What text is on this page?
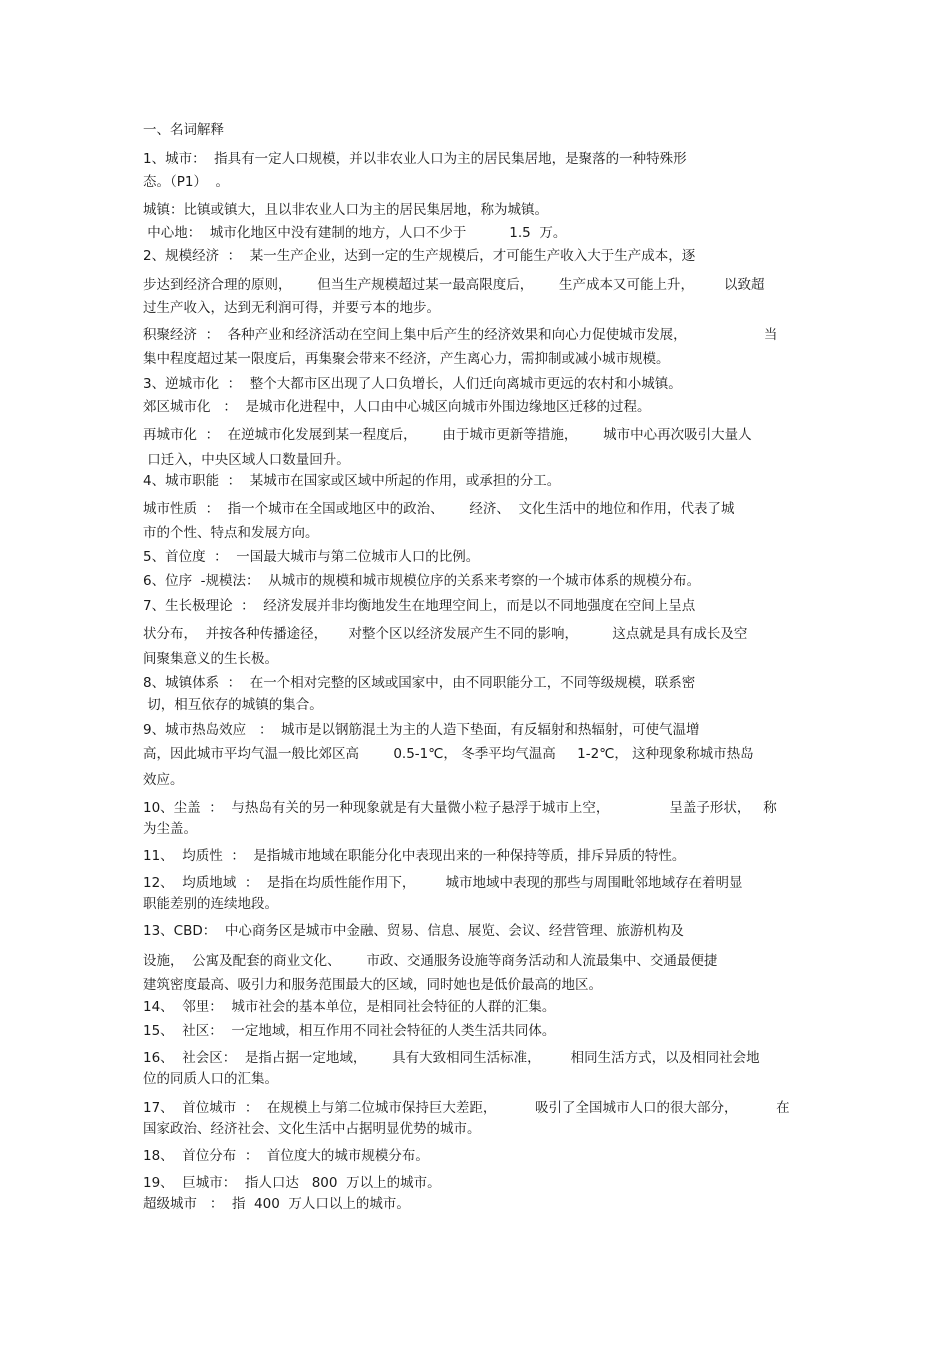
一、名词解释
1、城市：  指具有一定人口规模，并以非农业人口为主的居民集居地，是聚落的一种特殊形
态。（P1）  。
城镇：比镇或镇大，且以非农业人口为主的居民集居地，称为城镇。
中心地：  城市化地区中没有建制的地方，人口不少于          1.5  万。
2、规模经济  ：  某一生产企业，达到一定的生产规模后，才可能生产收入大于生产成本，逐
步达到经济合理的原则，      但当生产规模超过某一最高限度后，      生产成本又可能上升，       以致超
过生产收入，达到无利润可得，并要亏本的地步。
积聚经济  ：  各种产业和经济活动在空间上集中后产生的经济效果和向心力促使城市发展，                  当
集中程度超过某一限度后，再集聚会带来不经济，产生离心力，需抑制或减小城市规模。
3、逆城市化  ：  整个大都市区出现了人口负增长，人们迁向离城市更远的农村和小城镇。
郊区城市化   ：  是城市化进程中，人口由中心城区向城市外围边缘地区迁移的过程。
再城市化  ：  在逆城市化发展到某一程度后，      由于城市更新等措施，      城市中心再次吸引大量人
口迁入，中央区域人口数量回升。
4、城市职能  ：  某城市在国家或区域中所起的作用，或承担的分工。
城市性质  ：  指一个城市在全国或地区中的政治、      经济、  文化生活中的地位和作用，代表了城
市的个性、特点和发展方向。
5、首位度  ：  一国最大城市与第二位城市人口的比例。
6、位序  -规模法：  从城市的规模和城市规模位序的关系来考察的一个城市体系的规模分布。
7、生长极理论  ：  经济发展并非均衡地发生在地理空间上，而是以不同地强度在空间上呈点
状分布，  并按各种传播途径，     对整个区以经济发展产生不同的影响，        这点就是具有成长及空
间聚集意义的生长极。
8、城镇体系  ：  在一个相对完整的区域或国家中，由不同职能分工，不同等级规模，联系密
切，相互依存的城镇的集合。
9、城市热岛效应   ：  城市是以钢筋混土为主的人造下垫面，有反辐射和热辐射，可使气温增
高，因此城市平均气温一般比郊区高        0.5-1℃， 冬季平均气温高     1-2℃， 这种现象称城市热岛
效应。
10、尘盖  ：  与热岛有关的另一种现象就是有大量微小粒子悬浮于城市上空，              呈盖子形状，   称
为尘盖。
11、  均质性  ：  是指城市地域在职能分化中表现出来的一种保持等质，排斥异质的特性。
12、  均质地域  ：  是指在均质性能作用下，       城市地域中表现的那些与周围毗邻地域存在着明显
职能差别的连续地段。
13、CBD：  中心商务区是城市中金融、贸易、信息、展览、会议、经营管理、旅游机构及
设施，  公寓及配套的商业文化、      市政、交通服务设施等商务活动和人流最集中、交通最便捷
建筑密度最高、吸引力和服务范围最大的区域，同时她也是低价最高的地区。
14、  邻里：  城市社会的基本单位，是相同社会特征的人群的汇集。
15、  社区：  一定地域，相互作用不同社会特征的人类生活共同体。
16、  社会区：  是指占据一定地域，      具有大致相同生活标准，       相同生活方式，以及相同社会地
位的同质人口的汇集。
17、  首位城市  ：  在规模上与第二位城市保持巨大差距，         吸引了全国城市人口的很大部分，         在
国家政治、经济社会、文化生活中占据明显优势的城市。
18、  首位分布  ：  首位度大的城市规模分布。
19、  巨城市：  指人口达   800  万以上的城市。
超级城市   ：  指  400  万人口以上的城市。
